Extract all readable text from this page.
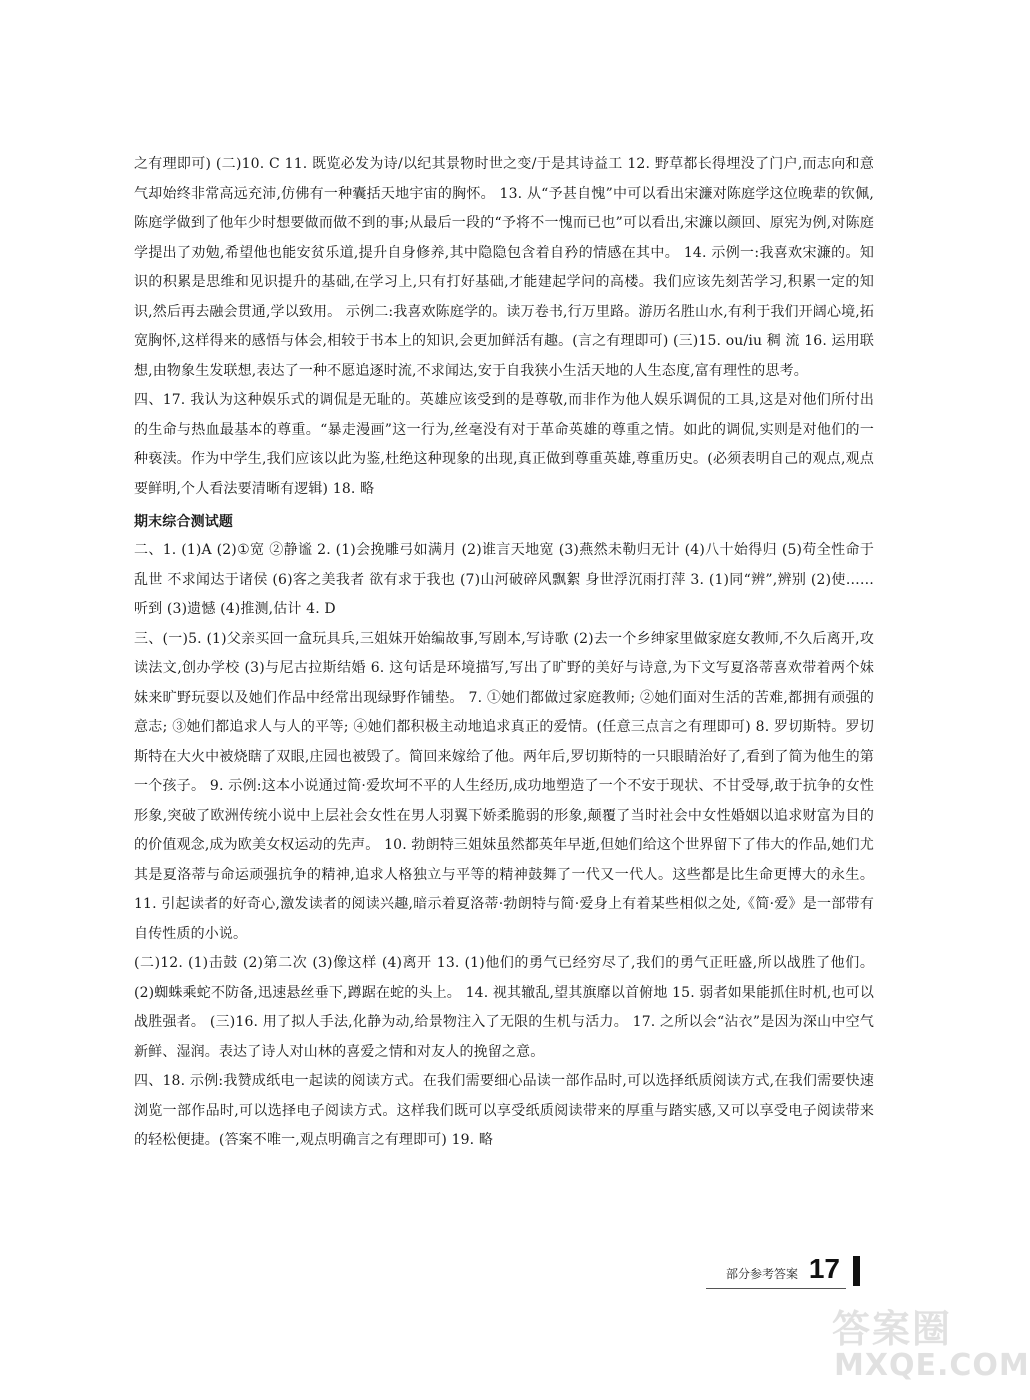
之有理即可) (二)10. C 11. 既览必发为诗/以纪其景物时世之变/于是其诗益工 12. 野草都长得埋没了门户,而志向和意气却始终非常高远充沛,仿佛有一种囊括天地宇宙的胸怀。 13. 从“予甚自愧”中可以看出宋濂对陈庭学这位晚辈的钦佩,陈庭学做到了他年少时想要做而做不到的事;从最后一段的“予将不一愧而已也”可以看出,宋濂以颜回、原宪为例,对陈庭学提出了劝勉,希望他也能安贫乐道,提升自身修养,其中隐隐包含着自矜的情感在其中。 14. 示例一:我喜欢宋濂的。知识的积累是思维和见识提升的基础,在学习上,只有打好基础,才能建起学问的高楼。我们应该先刻苦学习,积累一定的知识,然后再去融会贯通,学以致用。 示例二:我喜欢陈庭学的。读万卷书,行万里路。游历名胜山水,有利于我们开阔心境,拓宽胸怀,这样得来的感悟与体会,相较于书本上的知识,会更加鲜活有趣。(言之有理即可) (三)15. ou/iu 稠 流 16. 运用联想,由物象生发联想,表达了一种不愿追逐时流,不求闻达,安于自我狭小生活天地的人生态度,富有理性的思考。

四、17. 我认为这种娱乐式的调侃是无耻的。英雄应该受到的是尊敬,而非作为他人娱乐调侃的工具,这是对他们所付出的生命与热血最基本的尊重。“暴走漫画”这一行为,丝毫没有对于革命英雄的尊重之情。如此的调侃,实则是对他们的一种亵渎。作为中学生,我们应该以此为鉴,杜绝这种现象的出现,真正做到尊重英雄,尊重历史。(必须表明自己的观点,观点要鲜明,个人看法要清晰有逻辑) 18. 略

期末综合测试题

二、1. (1)A (2)①宽 ②静谧 2. (1)会挽雕弓如满月 (2)谁言天地宽 (3)燕然未勒归无计 (4)八十始得归 (5)苟全性命于乱世 不求闻达于诸侯 (6)客之美我者 欲有求于我也 (7)山河破碎风飘絮 身世浮沉雨打萍 3. (1)同“辨”,辨别 (2)使……听到 (3)遗憾 (4)推测,估计 4. D

三、(一)5. (1)父亲买回一盒玩具兵,三姐妹开始编故事,写剧本,写诗歌 (2)去一个乡绅家里做家庭女教师,不久后离开,攻读法文,创办学校 (3)与尼古拉斯结婚 6. 这句话是环境描写,写出了旷野的美好与诗意,为下文写夏洛蒂喜欢带着两个妹妹来旷野玩耍以及她们作品中经常出现绿野作铺垫。 7. ①她们都做过家庭教师; ②她们面对生活的苦难,都拥有顽强的意志; ③她们都追求人与人的平等; ④她们都积极主动地追求真正的爱情。(任意三点言之有理即可) 8. 罗切斯特。罗切斯特在大火中被烧瞎了双眼,庄园也被毁了。简回来嫁给了他。两年后,罗切斯特的一只眼睛治好了,看到了简为他生的第一个孩子。 9. 示例:这本小说通过简·爱坎坷不平的人生经历,成功地塑造了一个不安于现状、不甘受辱,敢于抗争的女性形象,突破了欧洲传统小说中上层社会女性在男人羽翼下娇柔脆弱的形象,颠覆了当时社会中女性婚姻以追求财富为目的的价值观念,成为欧美女权运动的先声。 10. 勃朗特三姐妹虽然都英年早逝,但她们给这个世界留下了伟大的作品,她们尤其是夏洛蒂与命运顽强抗争的精神,追求人格独立与平等的精神鼓舞了一代又一代人。这些都是比生命更博大的永生。 11. 引起读者的好奇心,激发读者的阅读兴趣,暗示着夏洛蒂·勃朗特与简·爱身上有着某些相似之处,《简·爱》是一部带有自传性质的小说。

(二)12. (1)击鼓 (2)第二次 (3)像这样 (4)离开 13. (1)他们的勇气已经穷尽了,我们的勇气正旺盛,所以战胜了他们。 (2)蜘蛛乘蛇不防备,迅速悬丝垂下,蹲踞在蛇的头上。 14. 视其辙乱,望其旗靡以首俯地 15. 弱者如果能抓住时机,也可以战胜强者。 (三)16. 用了拟人手法,化静为动,给景物注入了无限的生机与活力。 17. 之所以会“沾衣”是因为深山中空气新鲜、湿润。表达了诗人对山林的喜爱之情和对友人的挽留之意。

四、18. 示例:我赞成纸电一起读的阅读方式。在我们需要细心品读一部作品时,可以选择纸质阅读方式,在我们需要快速浏览一部作品时,可以选择电子阅读方式。这样我们既可以享受纸质阅读带来的厚重与踏实感,又可以享受电子阅读带来的轻松便捷。(答案不唯一,观点明确言之有理即可) 19. 略

部分参考答案 17
答案圈
MXQE.COM
